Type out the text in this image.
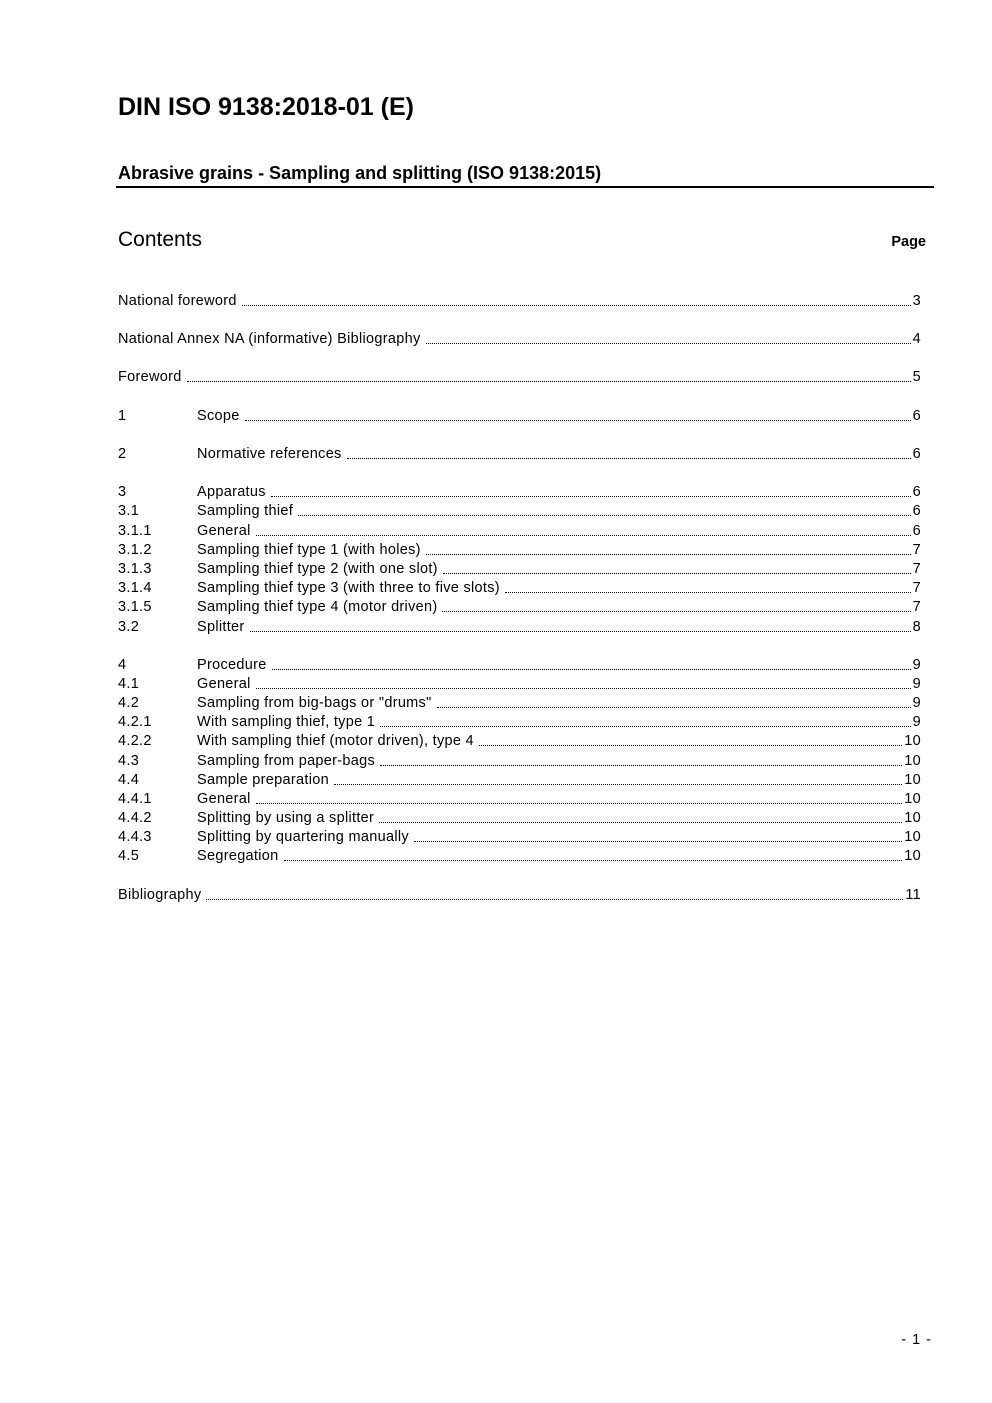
DIN ISO 9138:2018-01 (E)
Abrasive grains - Sampling and splitting (ISO 9138:2015)
Contents	Page
National foreword	3
National Annex NA (informative) Bibliography	4
Foreword	5
1	Scope	6
2	Normative references	6
3	Apparatus	6
3.1	Sampling thief	6
3.1.1	General	6
3.1.2	Sampling thief type 1 (with holes)	7
3.1.3	Sampling thief type 2 (with one slot)	7
3.1.4	Sampling thief type 3 (with three to five slots)	7
3.1.5	Sampling thief type 4 (motor driven)	7
3.2	Splitter	8
4	Procedure	9
4.1	General	9
4.2	Sampling from big-bags or "drums"	9
4.2.1	With sampling thief, type 1	9
4.2.2	With sampling thief (motor driven), type 4	10
4.3	Sampling from paper-bags	10
4.4	Sample preparation	10
4.4.1	General	10
4.4.2	Splitting by using a splitter	10
4.4.3	Splitting by quartering manually	10
4.5	Segregation	10
Bibliography	11
- 1 -
